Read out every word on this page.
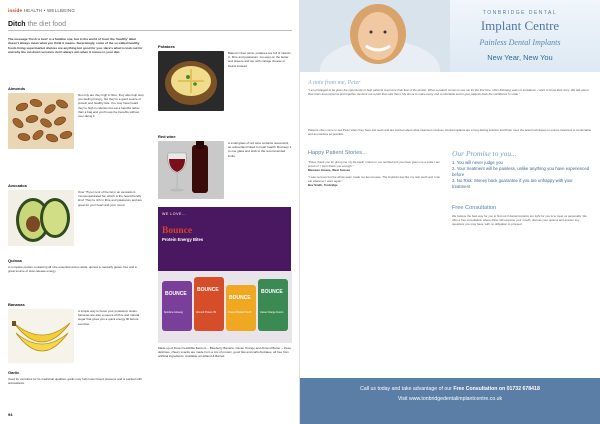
inside HEALTH • WELLBEING
Ditch the diet food
The message 'fresh is best' is a familiar one, but in the world of food, the 'healthy' label doesn't always mean what you think it means. Surprisingly, some of the so-called healthy foods lining supermarket shelves are anything but good for you. Here's what to look out for and why the cut-down versions don't always win when it comes to your diet.
Almonds
Not only are they high in fibre, they also help stop you feeling hungry, but they're a good source of protein and healthy fats. You may have heard they're high in calories but eat a handful rather than a bag and you'll reap the benefits without over-doing it.
Avocados
Over 75 per cent of the fat in an avocado is monounsaturated fat, which is the heart-friendly kind. They're rich in fibre and potassium and are great for your heart and your mood.
Quinoa
A complete protein containing all nine essential amino acids, quinoa is naturally gluten-free and a great source of slow-release energy.
Bananas
A simple way to boost your potassium levels, bananas are also a source of fibre and natural sugar that gives you a quick energy lift before exercise.
Garlic
Used for centuries for its medicinal qualities, garlic may help lower blood pressure and is packed with antioxidants.
Potatoes
Baked in their skins, potatoes are full of vitamin C, fibre and potassium. Go easy on the butter and cheese and top with cottage cheese or beans instead.
Red wine
A small glass of red wine contains resveratrol, an antioxidant linked to heart health. But keep it to one glass and stick to the recommended limits.
WE LOVE...
Bounce
Protein Energy Bites
BOUNCE
BOUNCE
BOUNCE
BOUNCE
Spirulina Ginseng	Almond Protein Hit	Peanut Protein Punch	Cacao Orange Fusion
Made up of three irresistible flavours – Blueberry Banana, Cacao Orange and Almond Butter – these delicious, chewy snacks are made from a mix of protein, good fats and carbohydrates, all free from artificial ingredients. Available at Holland & Barrett.
94
TONBRIDGE DENTAL
Implant Centre
Painless Dental Implants
New Year, New You
A note from me, Peter
"I am privileged to be given the opportunity to help patients overcome their fear of the dentist. When a patient comes to see me for the first time, often following years of avoidance, I want to know their story. We talk about their fears and concerns and together we work out a plan that suits them. My aim is to make every visit comfortable and to give patients back the confidence to smile."
Patients often come to see Peter when they have lost teeth and are worried about what treatment involves. Dental implants are a long-lasting solution and Peter uses the latest techniques to ensure treatment is comfortable and as painless as possible.
Happy Patient Stories...
"Peter, thank you for giving me my life back! I came to you terrified and you have given me a smile I am proud of. I can't thank you enough."
Maureen Greene, West Sussex
"I was nervous but the whole team made me feel at ease. The implants feel like my own teeth and I can eat whatever I want again."
Bev Smith, Tonbridge
Our Promise to you...
1. You will never judge you
2. Your treatment will be painless, unlike anything you have experienced before
3. No Risk: Money back guarantee if you are unhappy with your treatment
Free Consultation
We believe the best way for you to find out if dental implants are right for you is to meet us personally. We offer a free consultation where Peter will examine your mouth, discuss your options and answer any questions you may have, with no obligation to proceed.
Call us today and take advantage of our Free Consultation on 01732 678418
Visit www.tonbridgedentalimplantcentre.co.uk
